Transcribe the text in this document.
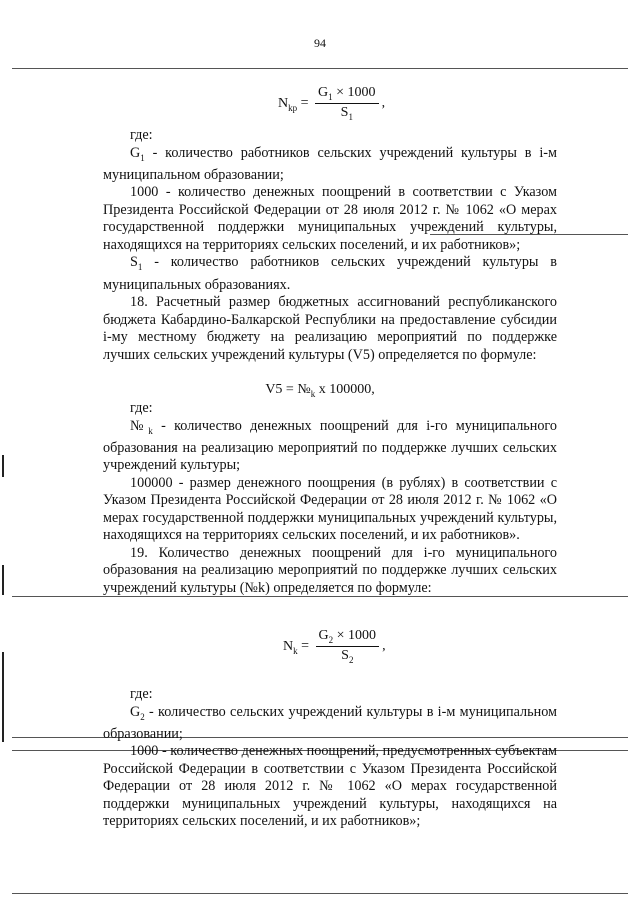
94
$N_{kp} = \frac{G_1 \times 1000}{S_1}$ ,

где:

$G_1$ - количество работников сельских учреждений культуры в i-м муниципальном образовании;

1000 - количество денежных поощрений в соответствии с Указом Президента Российской Федерации от 28 июля 2012 г. № 1062 «О мерах государственной поддержки муниципальных учреждений культуры, находящихся на территориях сельских поселений, и их работников»;

$S_1$ - количество работников сельских учреждений культуры в муниципальных образованиях.

18. Расчетный размер бюджетных ассигнований республиканского бюджета Кабардино-Балкарской Республики на предоставление субсидии i-му местному бюджету на реализацию мероприятий по поддержке лучших сельских учреждений культуры (V5) определяется по формуле:

$V5 = №_k$ x 100000,

где:

$№_k$ - количество денежных поощрений для i-го муниципального образования на реализацию мероприятий по поддержке лучших сельских учреждений культуры;

100000 - размер денежного поощрения (в рублях) в соответствии с Указом Президента Российской Федерации от 28 июля 2012 г. № 1062 «О мерах государственной поддержки муниципальных учреждений культуры, находящихся на территориях сельских поселений, и их работников».

19. Количество денежных поощрений для i-го муниципального образования на реализацию мероприятий по поддержке лучших сельских учреждений культуры (№k) определяется по формуле:

$N_k = \frac{G_2 \times 1000}{S_2}$ ,

где:

$G_2$ - количество сельских учреждений культуры в i-м муниципальном образовании;

1000 - количество денежных поощрений, предусмотренных субъектам Российской Федерации в соответствии с Указом Президента Российской Федерации от 28 июля 2012 г. № 1062 «О мерах государственной поддержки муниципальных учреждений культуры, находящихся на территориях сельских поселений, и их работников»;
